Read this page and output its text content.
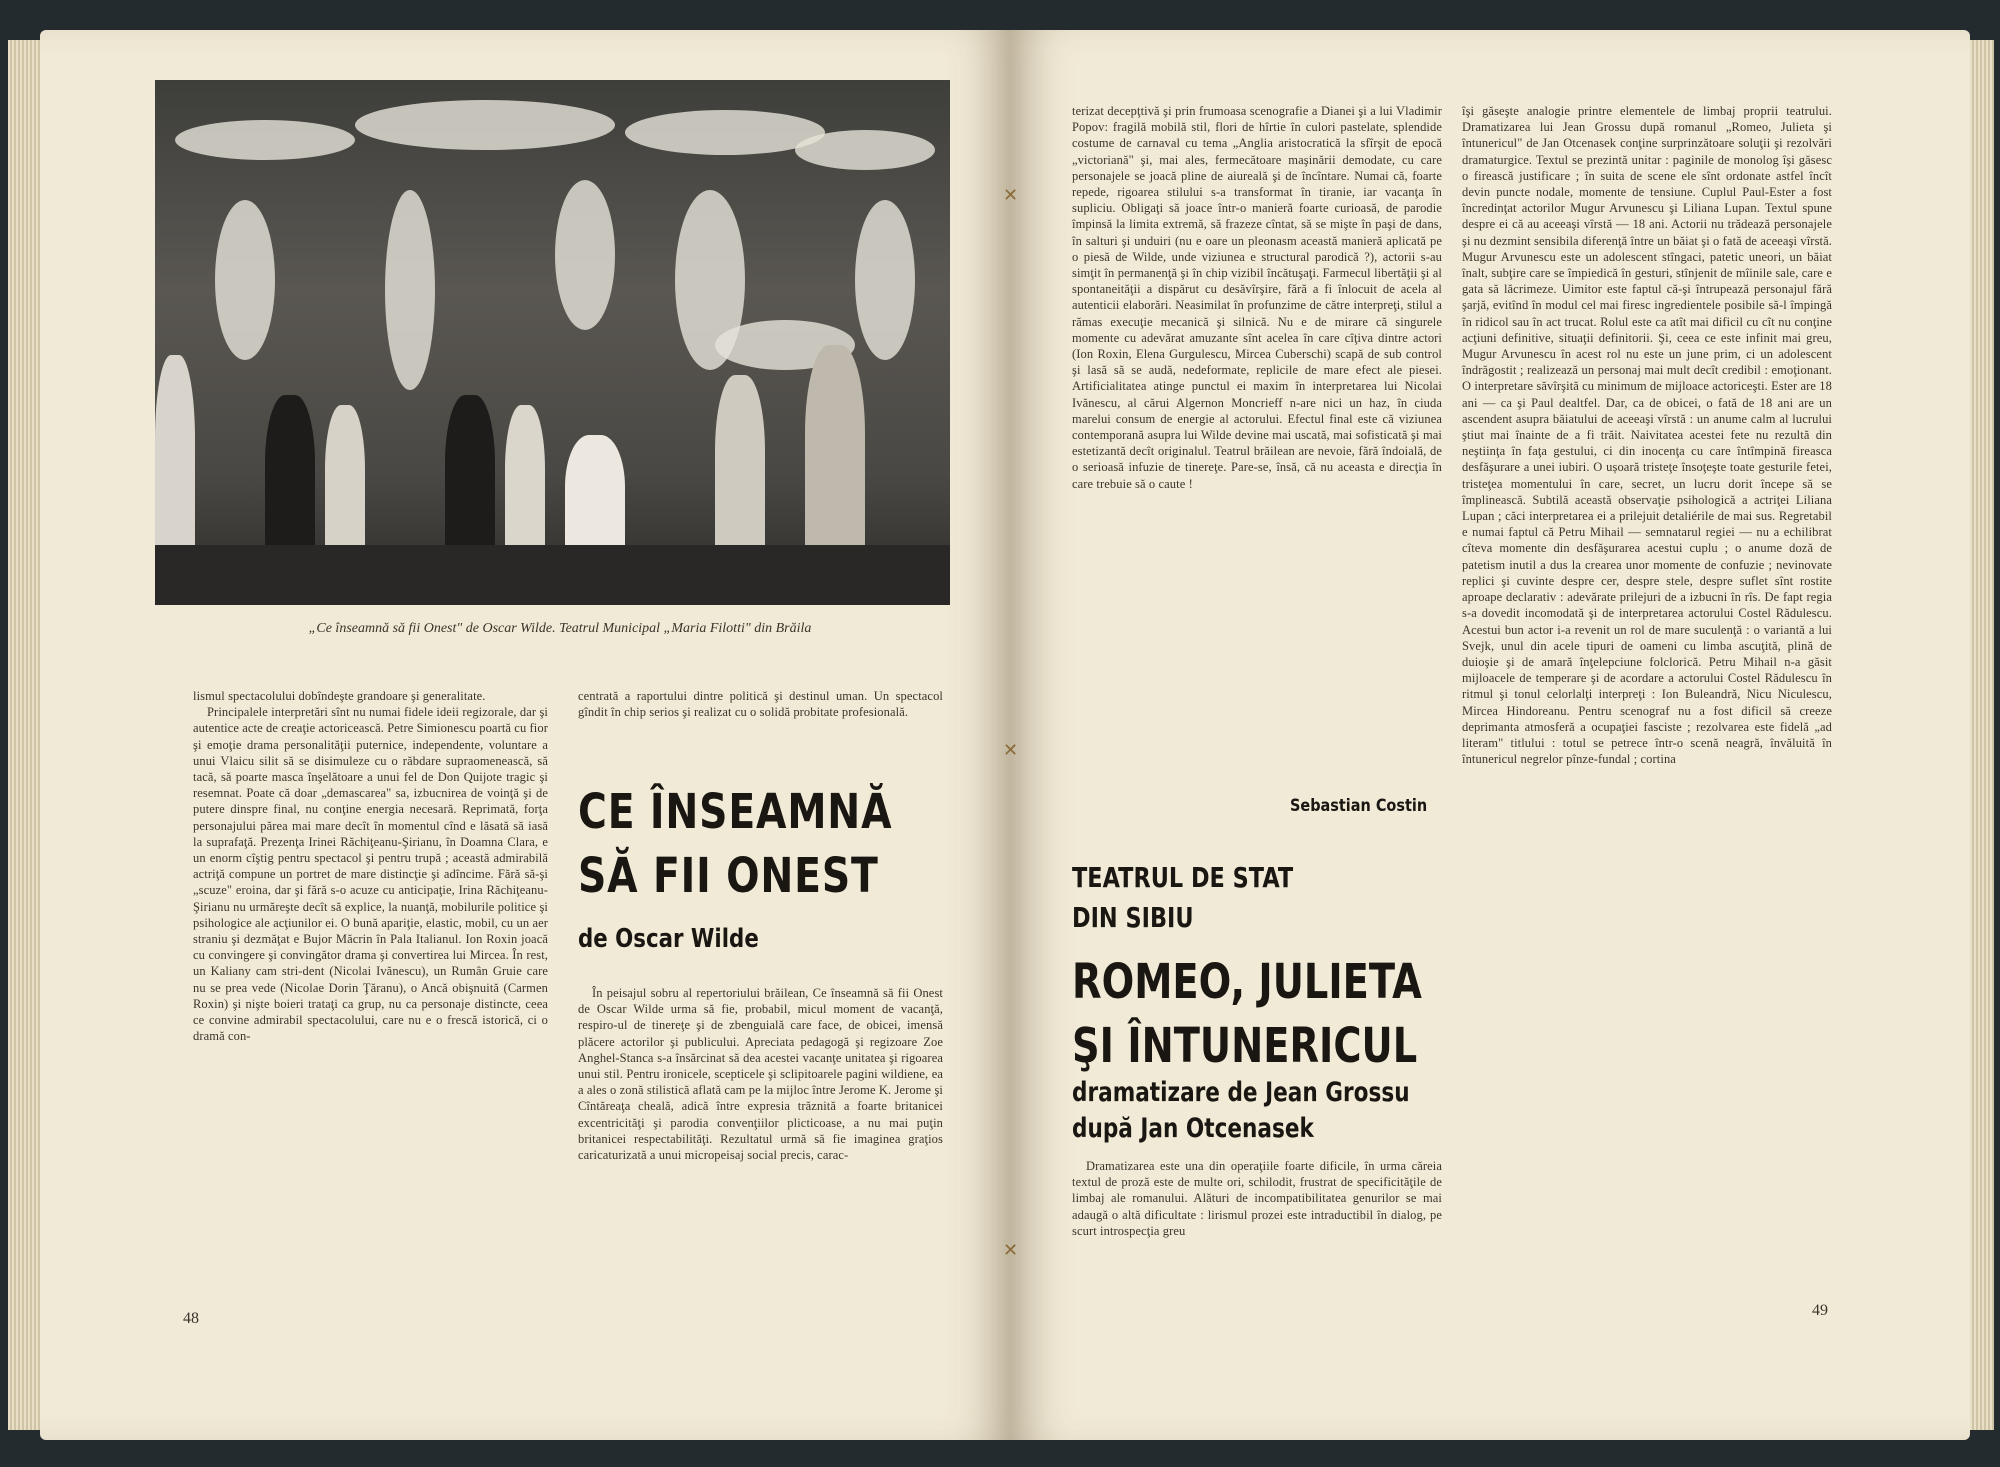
✕
✕
✕
„Ce înseamnă să fii Onest" de Oscar Wilde. Teatrul Municipal „Maria Filotti" din Brăila

lismul spectacolului dobîndeşte grandoare şi generalitate.

Principalele interpretări sînt nu numai fidele ideii regizorale, dar şi autentice acte de creaţie actoricească. Petre Simionescu poartă cu fior şi emoţie drama personalităţii puternice, independente, voluntare a unui Vlaicu silit să se disimuleze cu o răbdare supraomenească, să tacă, să poarte masca înşelătoare a unui fel de Don Quijote tragic şi resemnat. Poate că doar „demascarea" sa, izbucnirea de voinţă şi de putere dinspre final, nu conţine energia necesară. Reprimată, forţa personajului părea mai mare decît în momentul cînd e lăsată să iasă la suprafaţă. Prezenţa Irinei Răchiţeanu-Şirianu, în Doamna Clara, e un enorm cîştig pentru spectacol şi pentru trupă ; această admirabilă actriţă compune un portret de mare distincţie şi adîncime. Fără să-şi „scuze" eroina, dar şi fără s-o acuze cu anticipaţie, Irina Răchiţeanu-Şirianu nu urmăreşte decît să explice, la nuanţă, mobilurile politice şi psihologice ale acţiunilor ei. O bună apariţie, elastic, mobil, cu un aer straniu şi dezmăţat e Bujor Măcrin în Pala Italianul. Ion Roxin joacă cu convingere şi convingător drama şi convertirea lui Mircea. În rest, un Kaliany cam stri-dent (Nicolai Ivănescu), un Rumân Gruie care nu se prea vede (Nicolae Dorin Ţăranu), o Ancă obişnuită (Carmen Roxin) şi nişte boieri trataţi ca grup, nu ca personaje distincte, ceea ce convine admirabil spectacolului, care nu e o frescă istorică, ci o dramă con-

centrată a raportului dintre politică şi destinul uman. Un spectacol gîndit în chip serios şi realizat cu o solidă probitate profesională.

CE ÎNSEAMNĂ
SĂ FII ONEST
de Oscar Wilde

În peisajul sobru al repertoriului brăilean, Ce înseamnă să fii Onest de Oscar Wilde urma să fie, probabil, micul moment de vacanţă, respiro-ul de tinereţe şi de zbenguială care face, de obicei, imensă plăcere actorilor şi publicului. Apreciata pedagogă şi regizoare Zoe Anghel-Stanca s-a însărcinat să dea acestei vacanţe unitatea şi rigoarea unui stil. Pentru ironicele, scepticele şi sclipitoarele pagini wildiene, ea a ales o zonă stilistică aflată cam pe la mijloc între Jerome K. Jerome şi Cîntăreaţa cheală, adică între expresia trăznită a foarte britanicei excentricităţi şi parodia convenţiilor plicticoase, a nu mai puţin britanicei respectabilităţi. Rezultatul urmă să fie imaginea graţios caricaturizată a unui micropeisaj social precis, carac-

48

terizat decepţtivă şi prin frumoasa scenografie a Dianei şi a lui Vladimir Popov: fragilă mobilă stil, flori de hîrtie în culori pastelate, splendide costume de carnaval cu tema „Anglia aristocratică la sfîrşit de epocă „victoriană" şi, mai ales, fermecătoare maşinării demodate, cu care personajele se joacă pline de aiureală şi de încîntare. Numai că, foarte repede, rigoarea stilului s-a transformat în tiranie, iar vacanţa în supliciu. Obligaţi să joace într-o manieră foarte curioasă, de parodie împinsă la limita extremă, să frazeze cîntat, să se mişte în paşi de dans, în salturi şi unduiri (nu e oare un pleonasm această manieră aplicată pe o piesă de Wilde, unde viziunea e structural parodică ?), actorii s-au simţit în permanenţă şi în chip vizibil încătuşaţi. Farmecul libertăţii şi al spontaneităţii a dispărut cu desăvîrşire, fără a fi înlocuit de acela al autenticii elaborări. Neasimilat în profunzime de către interpreţi, stilul a rămas execuţie mecanică şi silnică. Nu e de mirare că singurele momente cu adevărat amuzante sînt acelea în care cîţiva dintre actori (Ion Roxin, Elena Gurgulescu, Mircea Cuberschi) scapă de sub control şi lasă să se audă, nedeformate, replicile de mare efect ale piesei. Artificialitatea atinge punctul ei maxim în interpretarea lui Nicolai Ivănescu, al cărui Algernon Moncrieff n-are nici un haz, în ciuda marelui consum de energie al actorului. Efectul final este că viziunea contemporană asupra lui Wilde devine mai uscată, mai sofisticată şi mai estetizantă decît originalul. Teatrul brăilean are nevoie, fără îndoială, de o serioasă infuzie de tinereţe. Pare-se, însă, că nu aceasta e direcţia în care trebuie să o caute !

Sebastian Costin
TEATRUL DE STAT
DIN SIBIU
ROMEO, JULIETA
ŞI ÎNTUNERICUL
dramatizare de Jean Grossu
după Jan Otcenasek

Dramatizarea este una din operaţiile foarte dificile, în urma căreia textul de proză este de multe ori, schilodit, frustrat de specificităţile de limbaj ale romanului. Alături de incompatibilitatea genurilor se mai adaugă o altă dificultate : lirismul prozei este intraductibil în dialog, pe scurt introspecţia greu

îşi găseşte analogie printre elementele de limbaj proprii teatrului. Dramatizarea lui Jean Grossu după romanul „Romeo, Julieta şi întunericul" de Jan Otcenasek conţine surprinzătoare soluţii şi rezolvări dramaturgice. Textul se prezintă unitar : paginile de monolog îşi găsesc o firească justificare ; în suita de scene ele sînt ordonate astfel încît devin puncte nodale, momente de tensiune. Cuplul Paul-Ester a fost încredinţat actorilor Mugur Arvunescu şi Liliana Lupan. Textul spune despre ei că au aceeaşi vîrstă — 18 ani. Actorii nu trădează personajele şi nu dezmint sensibila diferenţă între un băiat şi o fată de aceeaşi vîrstă. Mugur Arvunescu este un adolescent stîngaci, patetic uneori, un băiat înalt, subţire care se împiedică în gesturi, stînjenit de mîinile sale, care e gata să lăcrimeze. Uimitor este faptul că-şi întrupează personajul fără şarjă, evitînd în modul cel mai firesc ingredientele posibile să-l împingă în ridicol sau în act trucat. Rolul este ca atît mai dificil cu cît nu conţine acţiuni definitive, situaţii definitorii. Şi, ceea ce este infinit mai greu, Mugur Arvunescu în acest rol nu este un june prim, ci un adolescent îndrăgostit ; realizează un personaj mai mult decît credibil : emoţionant. O interpretare săvîrşită cu minimum de mijloace actoriceşti. Ester are 18 ani — ca şi Paul dealtfel. Dar, ca de obicei, o fată de 18 ani are un ascendent asupra băiatului de aceeaşi vîrstă : un anume calm al lucrului ştiut mai înainte de a fi trăit. Naivitatea acestei fete nu rezultă din neştiinţa în faţa gestului, ci din inocenţa cu care întîmpină fireasca desfăşurare a unei iubiri. O ușoară tristeţe însoţeşte toate gesturile fetei, tristeţea momentului în care, secret, un lucru dorit începe să se împlinească. Subtilă această observaţie psihologică a actriţei Liliana Lupan ; căci interpretarea ei a prilejuit detaliérile de mai sus. Regretabil e numai faptul că Petru Mihail — semnatarul regiei — nu a echilibrat cîteva momente din desfăşurarea acestui cuplu ; o anume doză de patetism inutil a dus la crearea unor momente de confuzie ; nevinovate replici şi cuvinte despre cer, despre stele, despre suflet sînt rostite aproape declarativ : adevărate prilejuri de a izbucni în rîs. De fapt regia s-a dovedit incomodată şi de interpretarea actorului Costel Rădulescu. Acestui bun actor i-a revenit un rol de mare suculenţă : o variantă a lui Svejk, unul din acele tipuri de oameni cu limba ascuţită, plină de duioşie şi de amară înţelepciune folclorică. Petru Mihail n-a găsit mijloacele de temperare şi de acordare a actorului Costel Rădulescu în ritmul şi tonul celorlalţi interpreţi : Ion Buleandră, Nicu Niculescu, Mircea Hindoreanu. Pentru scenograf nu a fost dificil să creeze deprimanta atmosferă a ocupaţiei fasciste ; rezolvarea este fidelă „ad literam" titlului : totul se petrece într-o scenă neagră, învăluită în întunericul negrelor pînze-fundal ; cortina

49
